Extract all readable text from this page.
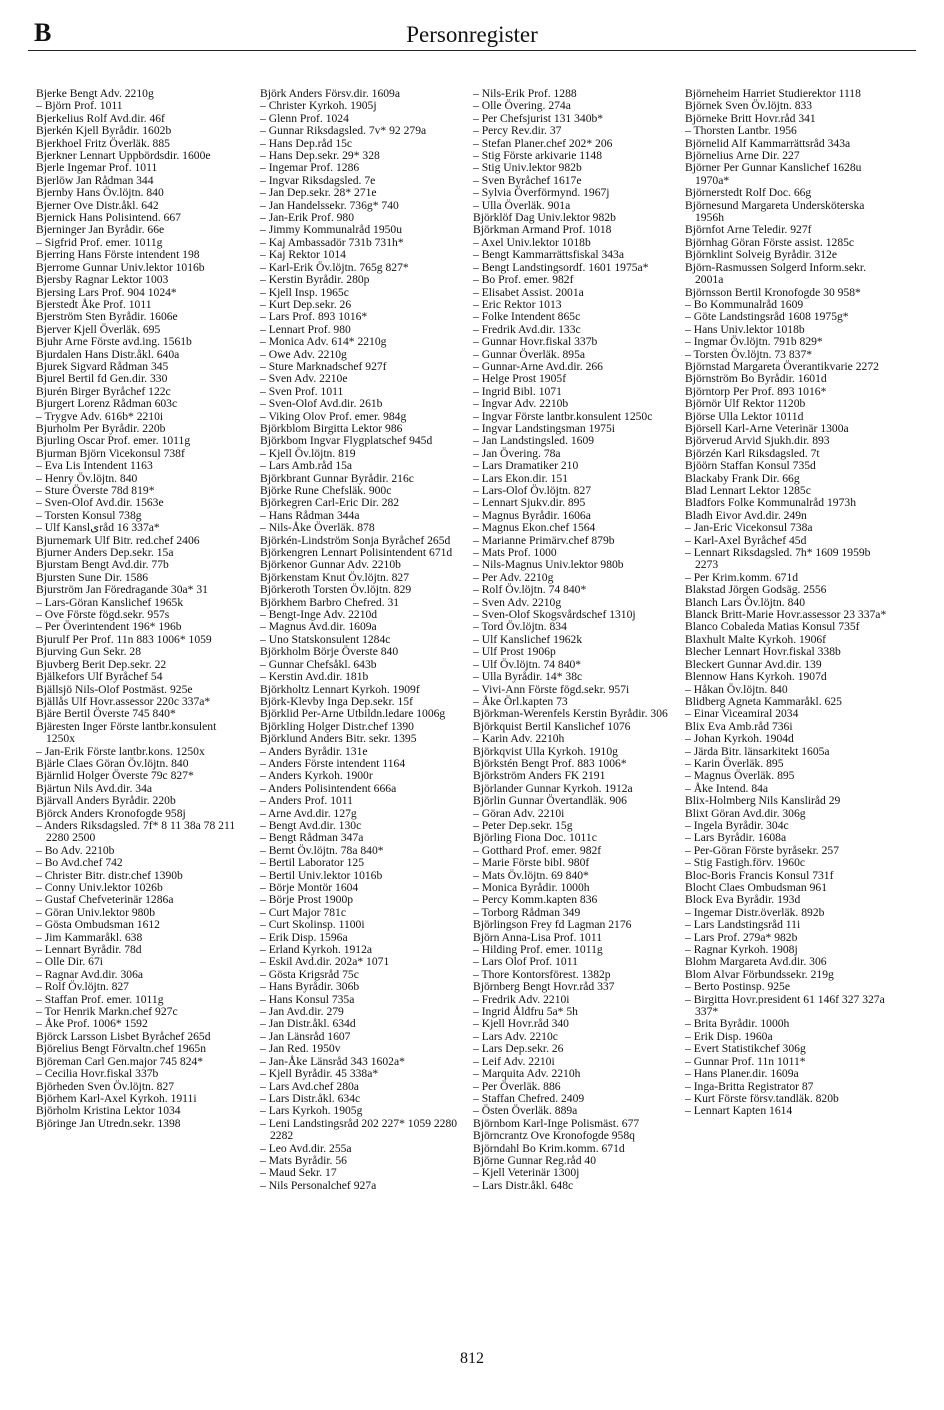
B	Personregister

Bjerke Bengt Adv. 2210g

– Björn Prof. 1011

Bjerkelius Rolf Avd.dir. 46f

Bjerkén Kjell Byrådir. 1602b

Bjerkhoel Fritz Överläk. 885

Bjerkner Lennart Uppbördsdir. 1600e

Bjerle Ingemar Prof. 1011

Bjerlöw Jan Rådman 344

Bjernby Hans Öv.löjtn. 840

Bjerner Ove Distr.åkl. 642

Bjernick Hans Polisintend. 667

Bjerninger Jan Byrådir. 66e

– Sigfrid Prof. emer. 1011g

Bjerring Hans Förste intendent 198

Bjerrome Gunnar Univ.lektor 1016b

Bjersby Ragnar Lektor 1003

Bjersing Lars Prof. 904 1024*

Bjerstedt Åke Prof. 1011

Bjerström Sten Byrådir. 1606e

Bjerver Kjell Överläk. 695

Bjuhr Arne Förste avd.ing. 1561b

Bjurdalen Hans Distr.åkl. 640a

Bjurek Sigvard Rådman 345

Bjurel Bertil fd Gen.dir. 330

Bjurén Birger Byråchef 122c

Bjurgert Lorenz Rådman 603c

– Trygve Adv. 616b* 2210i

Bjurholm Per Byrådir. 220b

Bjurling Oscar Prof. emer. 1011g

Bjurman Björn Vicekonsul 738f

– Eva Lis Intendent 1163

– Henry Öv.löjtn. 840

– Sture Överste 78d 819*

– Sven-Olof Avd.dir. 1563e

– Torsten Konsul 738g

– Ulf Kanslیråd 16 337a*

Bjurnemark Ulf Bitr. red.chef 2406

Bjurner Anders Dep.sekr. 15a

Bjurstam Bengt Avd.dir. 77b

Bjursten Sune Dir. 1586

Bjurström Jan Föredragande 30a* 31

– Lars-Göran Kanslichef 1965k

– Ove Förste fögd.sekr. 957s

– Per Överintendent 196* 196b

Bjurulf Per Prof. 11n 883 1006* 1059

Bjurving Gun Sekr. 28

Bjuvberg Berit Dep.sekr. 22

Bjälkefors Ulf Byråchef 54

Bjällsjö Nils-Olof Postmäst. 925e

Bjällås Ulf Hovr.assessor 220c 337a*

Bjäre Bertil Överste 745 840*

Bjäresten Inger Förste lantbr.konsulent 1250x

– Jan-Erik Förste lantbr.kons. 1250x

Bjärle Claes Göran Öv.löjtn. 840

Bjärnlid Holger Överste 79c 827*

Bjärtun Nils Avd.dir. 34a

Bjärvall Anders Byrådir. 220b

Björck Anders Kronofogde 958j

– Anders Riksdagsled. 7f* 8 11 38a 78 211 2280 2500

– Bo Adv. 2210b

– Bo Avd.chef 742

– Christer Bitr. distr.chef 1390b

– Conny Univ.lektor 1026b

– Gustaf Chefveterinär 1286a

– Göran Univ.lektor 980b

– Gösta Ombudsman 1612

– Jim Kammaråkl. 638

– Lennart Byrådir. 78d

– Olle Dir. 67i

– Ragnar Avd.dir. 306a

– Rolf Öv.löjtn. 827

– Staffan Prof. emer. 1011g

– Tor Henrik Markn.chef 927c

– Åke Prof. 1006* 1592

Björck Larsson Lisbet Byråchef 265d

Björelius Bengt Förvaltn.chef 1965n

Björeman Carl Gen.major 745 824*

– Cecilia Hovr.fiskal 337b

Björheden Sven Öv.löjtn. 827

Björhem Karl-Axel Kyrkoh. 1911i

Björholm Kristina Lektor 1034

Björinge Jan Utredn.sekr. 1398

Björk Anders Försv.dir. 1609a

– Christer Kyrkoh. 1905j

– Glenn Prof. 1024

– Gunnar Riksdagsled. 7v* 92 279a

– Hans Dep.råd 15c

– Hans Dep.sekr. 29* 328

– Ingemar Prof. 1286

– Ingvar Riksdagsled. 7e

– Jan Dep.sekr. 28* 271e

– Jan Handelssekr. 736g* 740

– Jan-Erik Prof. 980

– Jimmy Kommunalråd 1950u

– Kaj Ambassadör 731b 731h*

– Kaj Rektor 1014

– Karl-Erik Öv.löjtn. 765g 827*

– Kerstin Byrådir. 280p

– Kjell Insp. 1965c

– Kurt Dep.sekr. 26

– Lars Prof. 893 1016*

– Lennart Prof. 980

– Monica Adv. 614* 2210g

– Owe Adv. 2210g

– Sture Marknadschef 927f

– Sven Adv. 2210e

– Sven Prof. 1011

– Sven-Olof Avd.dir. 261b

– Viking Olov Prof. emer. 984g

Björkblom Birgitta Lektor 986

Björkbom Ingvar Flygplatschef 945d

– Kjell Öv.löjtn. 819

– Lars Amb.råd 15a

Björkbrant Gunnar Byrådir. 216c

Björke Rune Chefsläk. 900c

Björkegren Carl-Eric Dir. 282

– Hans Rådman 344a

– Nils-Åke Överläk. 878

Björkén-Lindström Sonja Byråchef 265d

Björkengren Lennart Polisintendent 671d

Björkenor Gunnar Adv. 2210b

Björkenstam Knut Öv.löjtn. 827

Björkeroth Torsten Öv.löjtn. 829

Björkhem Barbro Chefred. 31

– Bengt-Inge Adv. 2210d

– Magnus Avd.dir. 1609a

– Uno Statskonsulent 1284c

Björkholm Börje Överste 840

– Gunnar Chefsåkl. 643b

– Kerstin Avd.dir. 181b

Björkholtz Lennart Kyrkoh. 1909f

Björk-Klevby Inga Dep.sekr. 15f

Björklid Per-Arne Utbildn.ledare 1006g

Björkling Holger Distr.chef 1390

Björklund Anders Bitr. sekr. 1395

– Anders Byrådir. 131e

– Anders Förste intendent 1164

– Anders Kyrkoh. 1900r

– Anders Polisintendent 666a

– Anders Prof. 1011

– Arne Avd.dir. 127g

– Bengt Avd.dir. 130c

– Bengt Rådman 347a

– Bernt Öv.löjtn. 78a 840*

– Bertil Laborator 125

– Bertil Univ.lektor 1016b

– Börje Montör 1604

– Börje Prost 1900p

– Curt Major 781c

– Curt Skolinsp. 1100i

– Erik Disp. 1596a

– Erland Kyrkoh. 1912a

– Eskil Avd.dir. 202a* 1071

– Gösta Krigsråd 75c

– Hans Byrådir. 306b

– Hans Konsul 735a

– Jan Avd.dir. 279

– Jan Distr.åkl. 634d

– Jan Länsråd 1607

– Jan Red. 1950v

– Jan-Åke Länsråd 343 1602a*

– Kjell Byrådir. 45 338a*

– Lars Avd.chef 280a

– Lars Distr.åkl. 634c

– Lars Kyrkoh. 1905g

– Leni Landstingsråd 202 227* 1059 2280 2282

– Leo Avd.dir. 255a

– Mats Byrådir. 56

– Maud Sekr. 17

– Nils Personalchef 927a

– Nils-Erik Prof. 1288

– Olle Övering. 274a

– Per Chefsjurist 131 340b*

– Percy Rev.dir. 37

– Stefan Planer.chef 202* 206

– Stig Förste arkivarie 1148

– Stig Univ.lektor 982b

– Sven Byråchef 1617e

– Sylvia Överförmynd. 1967j

– Ulla Överläk. 901a

Björklöf Dag Univ.lektor 982b

Björkman Armand Prof. 1018

– Axel Univ.lektor 1018b

– Bengt Kammarrättsfiskal 343a

– Bengt Landstingsordf. 1601 1975a*

– Bo Prof. emer. 982f

– Elisabet Assist. 2001a

– Eric Rektor 1013

– Folke Intendent 865c

– Fredrik Avd.dir. 133c

– Gunnar Hovr.fiskal 337b

– Gunnar Överläk. 895a

– Gunnar-Arne Avd.dir. 266

– Helge Prost 1905f

– Ingrid Bibl. 1071

– Ingvar Adv. 2210b

– Ingvar Förste lantbr.konsulent 1250c

– Ingvar Landstingsman 1975i

– Jan Landstingsled. 1609

– Jan Övering. 78a

– Lars Dramatiker 210

– Lars Ekon.dir. 151

– Lars-Olof Öv.löjtn. 827

– Lennart Sjukv.dir. 895

– Magnus Byrådir. 1606a

– Magnus Ekon.chef 1564

– Marianne Primärv.chef 879b

– Mats Prof. 1000

– Nils-Magnus Univ.lektor 980b

– Per Adv. 2210g

– Rolf Öv.löjtn. 74 840*

– Sven Adv. 2210g

– Sven-Olof Skogsvårdschef 1310j

– Tord Öv.löjtn. 834

– Ulf Kanslichef 1962k

– Ulf Prost 1906p

– Ulf Öv.löjtn. 74 840*

– Ulla Byrådir. 14* 38c

– Vivi-Ann Förste fögd.sekr. 957i

– Åke Örl.kapten 73

Björkman-Werenfels Kerstin Byrådir. 306

Björkquist Bertil Kanslichef 1076

– Karin Adv. 2210h

Björkqvist Ulla Kyrkoh. 1910g

Björkstén Bengt Prof. 883 1006*

Björkström Anders FK 2191

Björlander Gunnar Kyrkoh. 1912a

Björlin Gunnar Övertandläk. 906

– Göran Adv. 2210i

– Peter Dep.sekr. 15g

Björling Fiona Doc. 1011c

– Gotthard Prof. emer. 982f

– Marie Förste bibl. 980f

– Mats Öv.löjtn. 69 840*

– Monica Byrådir. 1000h

– Percy Komm.kapten 836

– Torborg Rådman 349

Björlingson Frey fd Lagman 2176

Björn Anna-Lisa Prof. 1011

– Hilding Prof. emer. 1011g

– Lars Olof Prof. 1011

– Thore Kontorsförest. 1382p

Björnberg Bengt Hovr.råd 337

– Fredrik Adv. 2210i

– Ingrid Åldfru 5a* 5h

– Kjell Hovr.råd 340

– Lars Adv. 2210c

– Lars Dep.sekr. 26

– Leif Adv. 2210i

– Marquita Adv. 2210h

– Per Överläk. 886

– Staffan Chefred. 2409

– Östen Överläk. 889a

Björnbom Karl-Inge Polismäst. 677

Björncrantz Ove Kronofogde 958q

Björndahl Bo Krim.komm. 671d

Björne Gunnar Reg.råd 40

– Kjell Veterinär 1300j

– Lars Distr.åkl. 648c

Björneheim Harriet Studierektor 1118

Björnek Sven Öv.löjtn. 833

Björneke Britt Hovr.råd 341

– Thorsten Lantbr. 1956

Björnelid Alf Kammarrättsråd 343a

Björnelius Arne Dir. 227

Björner Per Gunnar Kanslichef 1628u 1970a*

Björnerstedt Rolf Doc. 66g

Björnesund Margareta Undersköterska 1956h

Björnfot Arne Teledir. 927f

Björnhag Göran Förste assist. 1285c

Björnklint Solveig Byrådir. 312e

Björn-Rasmussen Solgerd Inform.sekr. 2001a

Björnsson Bertil Kronofogde 30 958*

– Bo Kommunalråd 1609

– Göte Landstingsråd 1608 1975g*

– Hans Univ.lektor 1018b

– Ingmar Öv.löjtn. 791b 829*

– Torsten Öv.löjtn. 73 837*

Björnstad Margareta Överantikvarie 2272

Björnström Bo Byrådir. 1601d

Björntorp Per Prof. 893 1016*

Björnör Ulf Rektor 1120b

Björse Ulla Lektor 1011d

Björsell Karl-Arne Veterinär 1300a

Björverud Arvid Sjukh.dir. 893

Björzén Karl Riksdagsled. 7t

Bjöörn Staffan Konsul 735d

Blackaby Frank Dir. 66g

Blad Lennart Lektor 1285c

Bladfors Folke Kommunalråd 1973h

Bladh Eivor Avd.dir. 249n

– Jan-Eric Vicekonsul 738a

– Karl-Axel Byråchef 45d

– Lennart Riksdagsled. 7h* 1609 1959b 2273

– Per Krim.komm. 671d

Blakstad Jörgen Godsäg. 2556

Blanch Lars Öv.löjtn. 840

Blanck Britt-Marie Hovr.assessor 23 337a*

Blanco Cobaleda Matias Konsul 735f

Blaxhult Malte Kyrkoh. 1906f

Blecher Lennart Hovr.fiskal 338b

Bleckert Gunnar Avd.dir. 139

Blennow Hans Kyrkoh. 1907d

– Håkan Öv.löjtn. 840

Blidberg Agneta Kammaråkl. 625

– Einar Viceamiral 2034

Blix Eva Amb.råd 736i

– Johan Kyrkoh. 1904d

– Järda Bitr. länsarkitekt 1605a

– Karin Överläk. 895

– Magnus Överläk. 895

– Åke Intend. 84a

Blix-Holmberg Nils Kanslіråd 29

Blixt Göran Avd.dir. 306g

– Ingela Byrådir. 304c

– Lars Byrådir. 1608a

– Per-Göran Förste byråsekr. 257

– Stig Fastigh.förv. 1960c

Bloc-Boris Francis Konsul 731f

Blocht Claes Ombudsman 961

Block Eva Byrådir. 193d

– Ingemar Distr.överläk. 892b

– Lars Landstingsråd 11i

– Lars Prof. 279a* 982b

– Ragnar Kyrkoh. 1908j

Blohm Margareta Avd.dir. 306

Blom Alvar Förbundssekr. 219g

– Berto Postinsp. 925e

– Birgitta Hovr.president 61 146f 327 327a 337*

– Brita Byrådir. 1000h

– Erik Disp. 1960a

– Evert Statistikchef 306g

– Gunnar Prof. 11n 1011*

– Hans Planer.dir. 1609a

– Inga-Britta Registrator 87

– Kurt Förste försv.tandläk. 820b

– Lennart Kapten 1614

812
